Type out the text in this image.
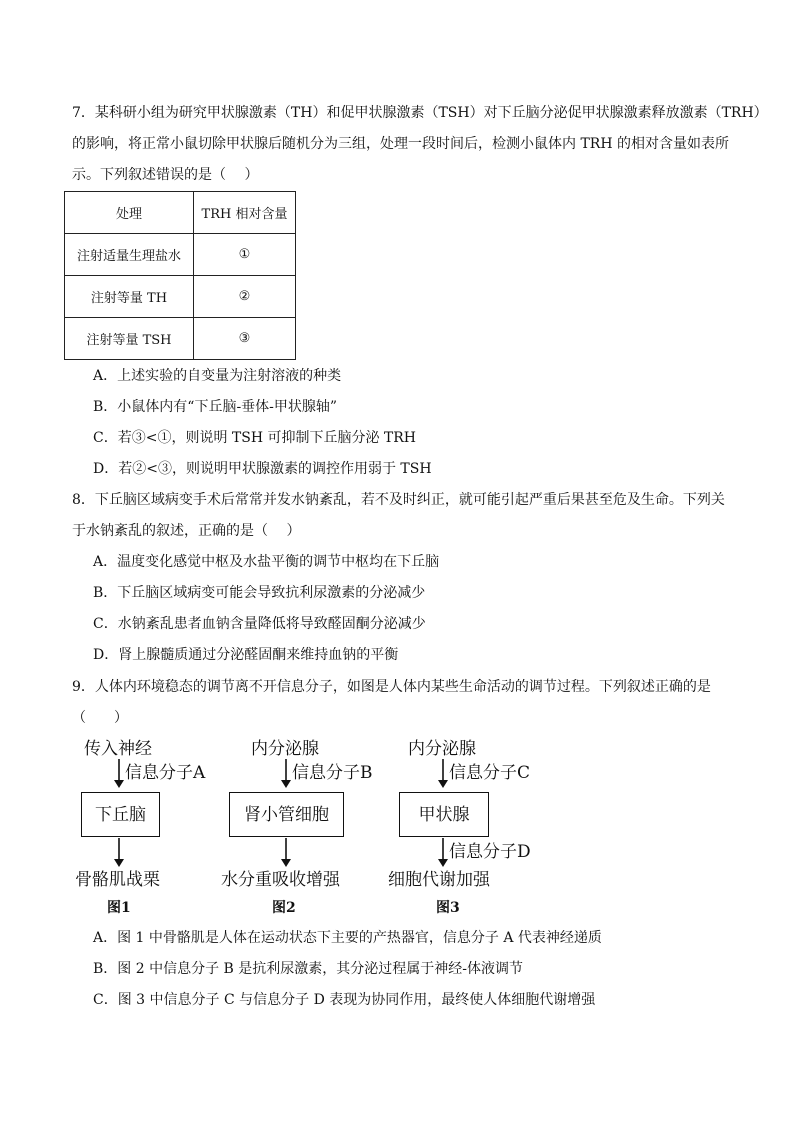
7．某科研小组为研究甲状腺激素（TH）和促甲状腺激素（TSH）对下丘脑分泌促甲状腺激素释放激素（TRH）
的影响，将正常小鼠切除甲状腺后随机分为三组，处理一段时间后，检测小鼠体内 TRH 的相对含量如表所
示。下列叙述错误的是（　 ）
处理	TRH 相对含量
注射适量生理盐水	①
注射等量 TH	②
注射等量 TSH	③
A．上述实验的自变量为注射溶液的种类
B．小鼠体内有“下丘脑-垂体-甲状腺轴”
C．若③<①，则说明 TSH 可抑制下丘脑分泌 TRH
D．若②<③，则说明甲状腺激素的调控作用弱于 TSH
8．下丘脑区域病变手术后常常并发水钠紊乱，若不及时纠正，就可能引起严重后果甚至危及生命。下列关
于水钠紊乱的叙述，正确的是（　 ）
A．温度变化感觉中枢及水盐平衡的调节中枢均在下丘脑
B．下丘脑区域病变可能会导致抗利尿激素的分泌减少
C．水钠紊乱患者血钠含量降低将导致醛固酮分泌减少
D．肾上腺髓质通过分泌醛固酮来维持血钠的平衡
9．人体内环境稳态的调节离不开信息分子，如图是人体内某些生命活动的调节过程。下列叙述正确的是
（　　）
传入神经
信息分子A
下丘脑
骨骼肌战栗
图1
内分泌腺
信息分子B
肾小管细胞
水分重吸收增强
图2
内分泌腺
信息分子C
甲状腺
信息分子D
细胞代谢加强
图3
A．图 1 中骨骼肌是人体在运动状态下主要的产热器官，信息分子 A 代表神经递质
B．图 2 中信息分子 B 是抗利尿激素，其分泌过程属于神经-体液调节
C．图 3 中信息分子 C 与信息分子 D 表现为协同作用，最终使人体细胞代谢增强
